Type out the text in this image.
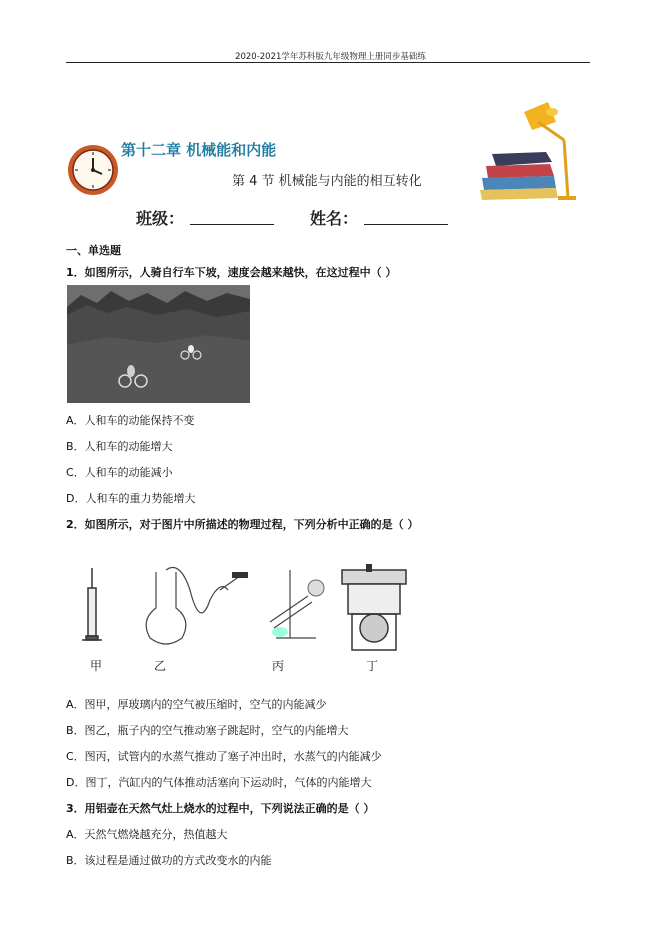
2020-2021学年苏科版九年级物理上册同步基础练
第十二章 机械能和内能
第 4 节 机械能与内能的相互转化
班级：	姓名：
一、单选题
1．如图所示，人骑自行车下坡，速度会越来越快，在这过程中（ ）
A．人和车的动能保持不变
B．人和车的动能增大
C．人和车的动能减小
D．人和车的重力势能增大
2．如图所示，对于图片中所描述的物理过程，下列分析中正确的是（ ）
甲	乙	丙	丁
A．图甲，厚玻璃内的空气被压缩时，空气的内能减少
B．图乙，瓶子内的空气推动塞子跳起时，空气的内能增大
C．图丙，试管内的水蒸气推动了塞子冲出时，水蒸气的内能减少
D．图丁，汽缸内的气体推动活塞向下运动时，气体的内能增大
3．用铝壶在天然气灶上烧水的过程中，下列说法正确的是（ ）
A．天然气燃烧越充分，热值越大
B．该过程是通过做功的方式改变水的内能
